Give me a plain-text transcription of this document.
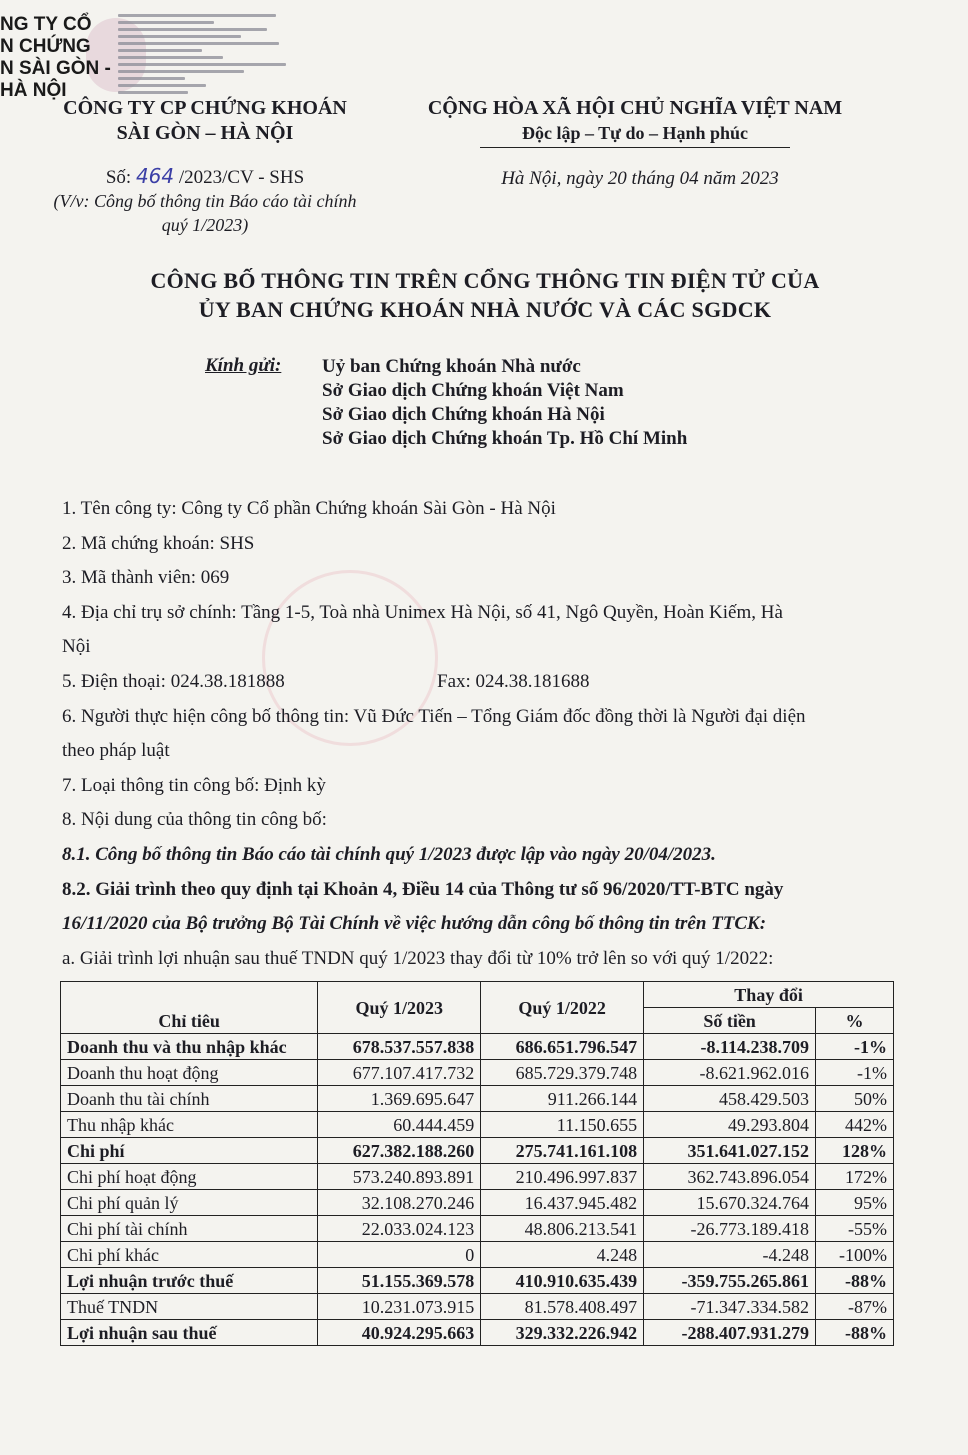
NG TY CỔ
N CHỨNG
N SÀI GÒN -
HÀ NỘI
CÔNG TY CP CHỨNG KHOÁN
SÀI GÒN – HÀ NỘI
CỘNG HÒA XÃ HỘI CHỦ NGHĨA VIỆT NAM
Độc lập – Tự do – Hạnh phúc
Số: 464 /2023/CV - SHS
(V/v: Công bố thông tin Báo cáo tài chính quý 1/2023)
Hà Nội, ngày 20 tháng 04 năm 2023
CÔNG BỐ THÔNG TIN TRÊN CỔNG THÔNG TIN ĐIỆN TỬ CỦA
ỦY BAN CHỨNG KHOÁN NHÀ NƯỚC VÀ CÁC SGDCK
Kính gửi: Uỷ ban Chứng khoán Nhà nước
Sở Giao dịch Chứng khoán Việt Nam
Sở Giao dịch Chứng khoán Hà Nội
Sở Giao dịch Chứng khoán Tp. Hồ Chí Minh
1. Tên công ty: Công ty Cổ phần Chứng khoán Sài Gòn - Hà Nội
2. Mã chứng khoán: SHS
3. Mã thành viên: 069
4. Địa chỉ trụ sở chính: Tầng 1-5, Toà nhà Unimex Hà Nội, số 41, Ngô Quyền, Hoàn Kiếm, Hà
Nội
5. Điện thoại: 024.38.181888	Fax: 024.38.181688
6. Người thực hiện công bố thông tin: Vũ Đức Tiến – Tổng Giám đốc đồng thời là Người đại diện
theo pháp luật
7. Loại thông tin công bố: Định kỳ
8. Nội dung của thông tin công bố:
8.1. Công bố thông tin Báo cáo tài chính quý 1/2023 được lập vào ngày 20/04/2023.
8.2. Giải trình theo quy định tại Khoản 4, Điều 14 của Thông tư số 96/2020/TT-BTC ngày
16/11/2020 của Bộ trưởng Bộ Tài Chính về việc hướng dẫn công bố thông tin trên TTCK:
a. Giải trình lợi nhuận sau thuế TNDN quý 1/2023 thay đổi từ 10% trở lên so với quý 1/2022:
Chỉ tiêu	Quý 1/2023	Quý 1/2022	Thay đổi	
			Số tiền	%
Doanh thu và thu nhập khác	678.537.557.838	686.651.796.547	-8.114.238.709	-1%
Doanh thu hoạt động	677.107.417.732	685.729.379.748	-8.621.962.016	-1%
Doanh thu tài chính	1.369.695.647	911.266.144	458.429.503	50%
Thu nhập khác	60.444.459	11.150.655	49.293.804	442%
Chi phí	627.382.188.260	275.741.161.108	351.641.027.152	128%
Chi phí hoạt động	573.240.893.891	210.496.997.837	362.743.896.054	172%
Chi phí quản lý	32.108.270.246	16.437.945.482	15.670.324.764	95%
Chi phí tài chính	22.033.024.123	48.806.213.541	-26.773.189.418	-55%
Chi phí khác	0	4.248	-4.248	-100%
Lợi nhuận trước thuế	51.155.369.578	410.910.635.439	-359.755.265.861	-88%
Thuế TNDN	10.231.073.915	81.578.408.497	-71.347.334.582	-87%
Lợi nhuận sau thuế	40.924.295.663	329.332.226.942	-288.407.931.279	-88%
